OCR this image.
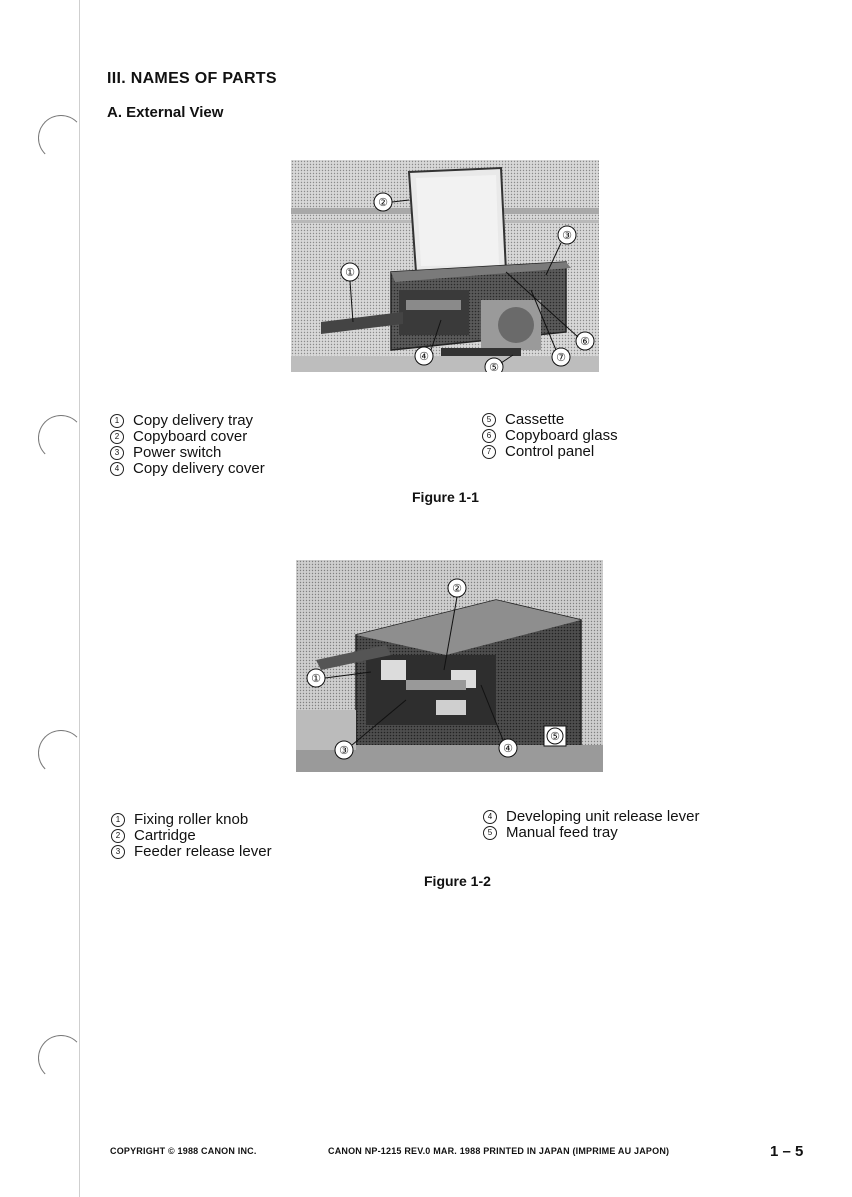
III. NAMES OF PARTS
A. External View
②
③
①
④
⑤
⑥
⑦
1 Copy delivery tray
2 Copyboard cover
3 Power switch
4 Copy delivery cover
5 Cassette
6 Copyboard glass
7 Control panel
Figure 1-1
②
①
③	④
⑤
1 Fixing roller knob
2 Cartridge
3 Feeder release lever
4 Developing unit release lever
5 Manual feed tray
Figure 1-2
COPYRIGHT © 1988 CANON INC.	CANON NP-1215 REV.0 MAR. 1988 PRINTED IN JAPAN (IMPRIME AU JAPON)	1 – 5
